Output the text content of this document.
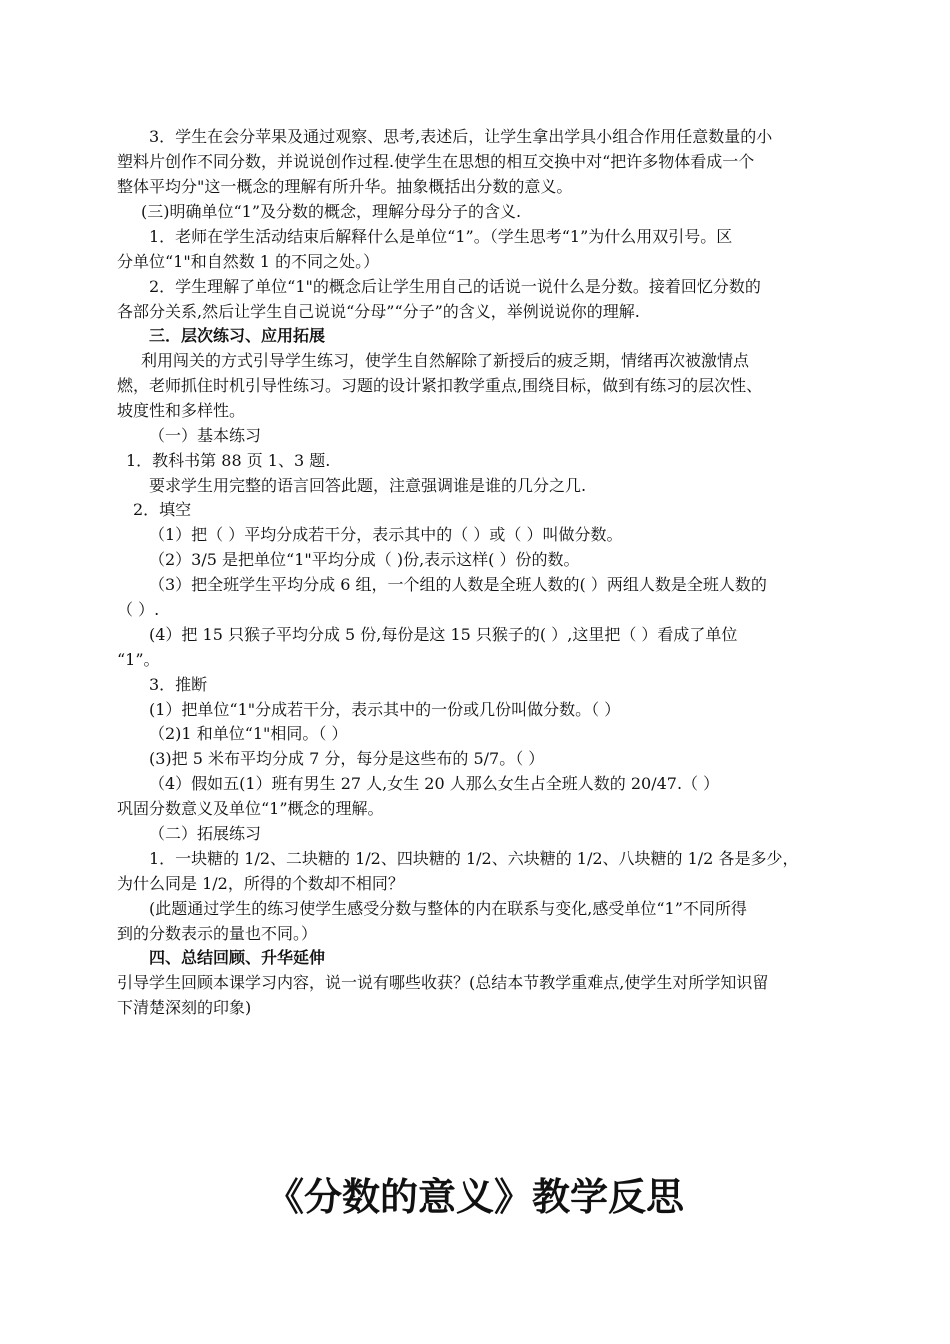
3．学生在会分苹果及通过观察、思考,表述后，让学生拿出学具小组合作用任意数量的小
塑料片创作不同分数，并说说创作过程.使学生在思想的相互交换中对“把许多物体看成一个
整体平均分"这一概念的理解有所升华。抽象概括出分数的意义。
(三)明确单位“1”及分数的概念，理解分母分子的含义.
1．老师在学生活动结束后解释什么是单位“1”。（学生思考“1”为什么用双引号。区
分单位“1"和自然数 1 的不同之处。）
2．学生理解了单位“1"的概念后让学生用自己的话说一说什么是分数。接着回忆分数的
各部分关系,然后让学生自己说说“分母”“分子”的含义，举例说说你的理解.
三．层次练习、应用拓展
利用闯关的方式引导学生练习，使学生自然解除了新授后的疲乏期，情绪再次被激情点
燃，老师抓住时机引导性练习。习题的设计紧扣教学重点,围绕目标，做到有练习的层次性、
坡度性和多样性。
（一）基本练习
1．教科书第 88 页 1、3 题.
要求学生用完整的语言回答此题，注意强调谁是谁的几分之几.
2．填空
（1）把（ ）平均分成若干分，表示其中的（ ）或（ ）叫做分数。
（2）3/5 是把单位“1"平均分成（ )份,表示这样( ）份的数。
（3）把全班学生平均分成 6 组，一个组的人数是全班人数的( ）两组人数是全班人数的
（ ）.
(4）把 15 只猴子平均分成 5 份,每份是这 15 只猴子的( ）,这里把（ ）看成了单位
“1”。
3．推断
(1）把单位“1"分成若干分，表示其中的一份或几份叫做分数。（ ）
（2)1 和单位“1"相同。（ ）
(3)把 5 米布平均分成 7 分，每分是这些布的 5/7。（ ）
（4）假如五(1）班有男生 27 人,女生 20 人那么女生占全班人数的 20/47.（ ）
巩固分数意义及单位“1”概念的理解。
（二）拓展练习
1．一块糖的 1/2、二块糖的 1/2、四块糖的 1/2、六块糖的 1/2、八块糖的 1/2 各是多少，
为什么同是 1/2，所得的个数却不相同？
(此题通过学生的练习使学生感受分数与整体的内在联系与变化,感受单位“1”不同所得
到的分数表示的量也不同。）
四、总结回顾、升华延伸
引导学生回顾本课学习内容，说一说有哪些收获？(总结本节教学重难点,使学生对所学知识留
下清楚深刻的印象)
《分数的意义》教学反思
